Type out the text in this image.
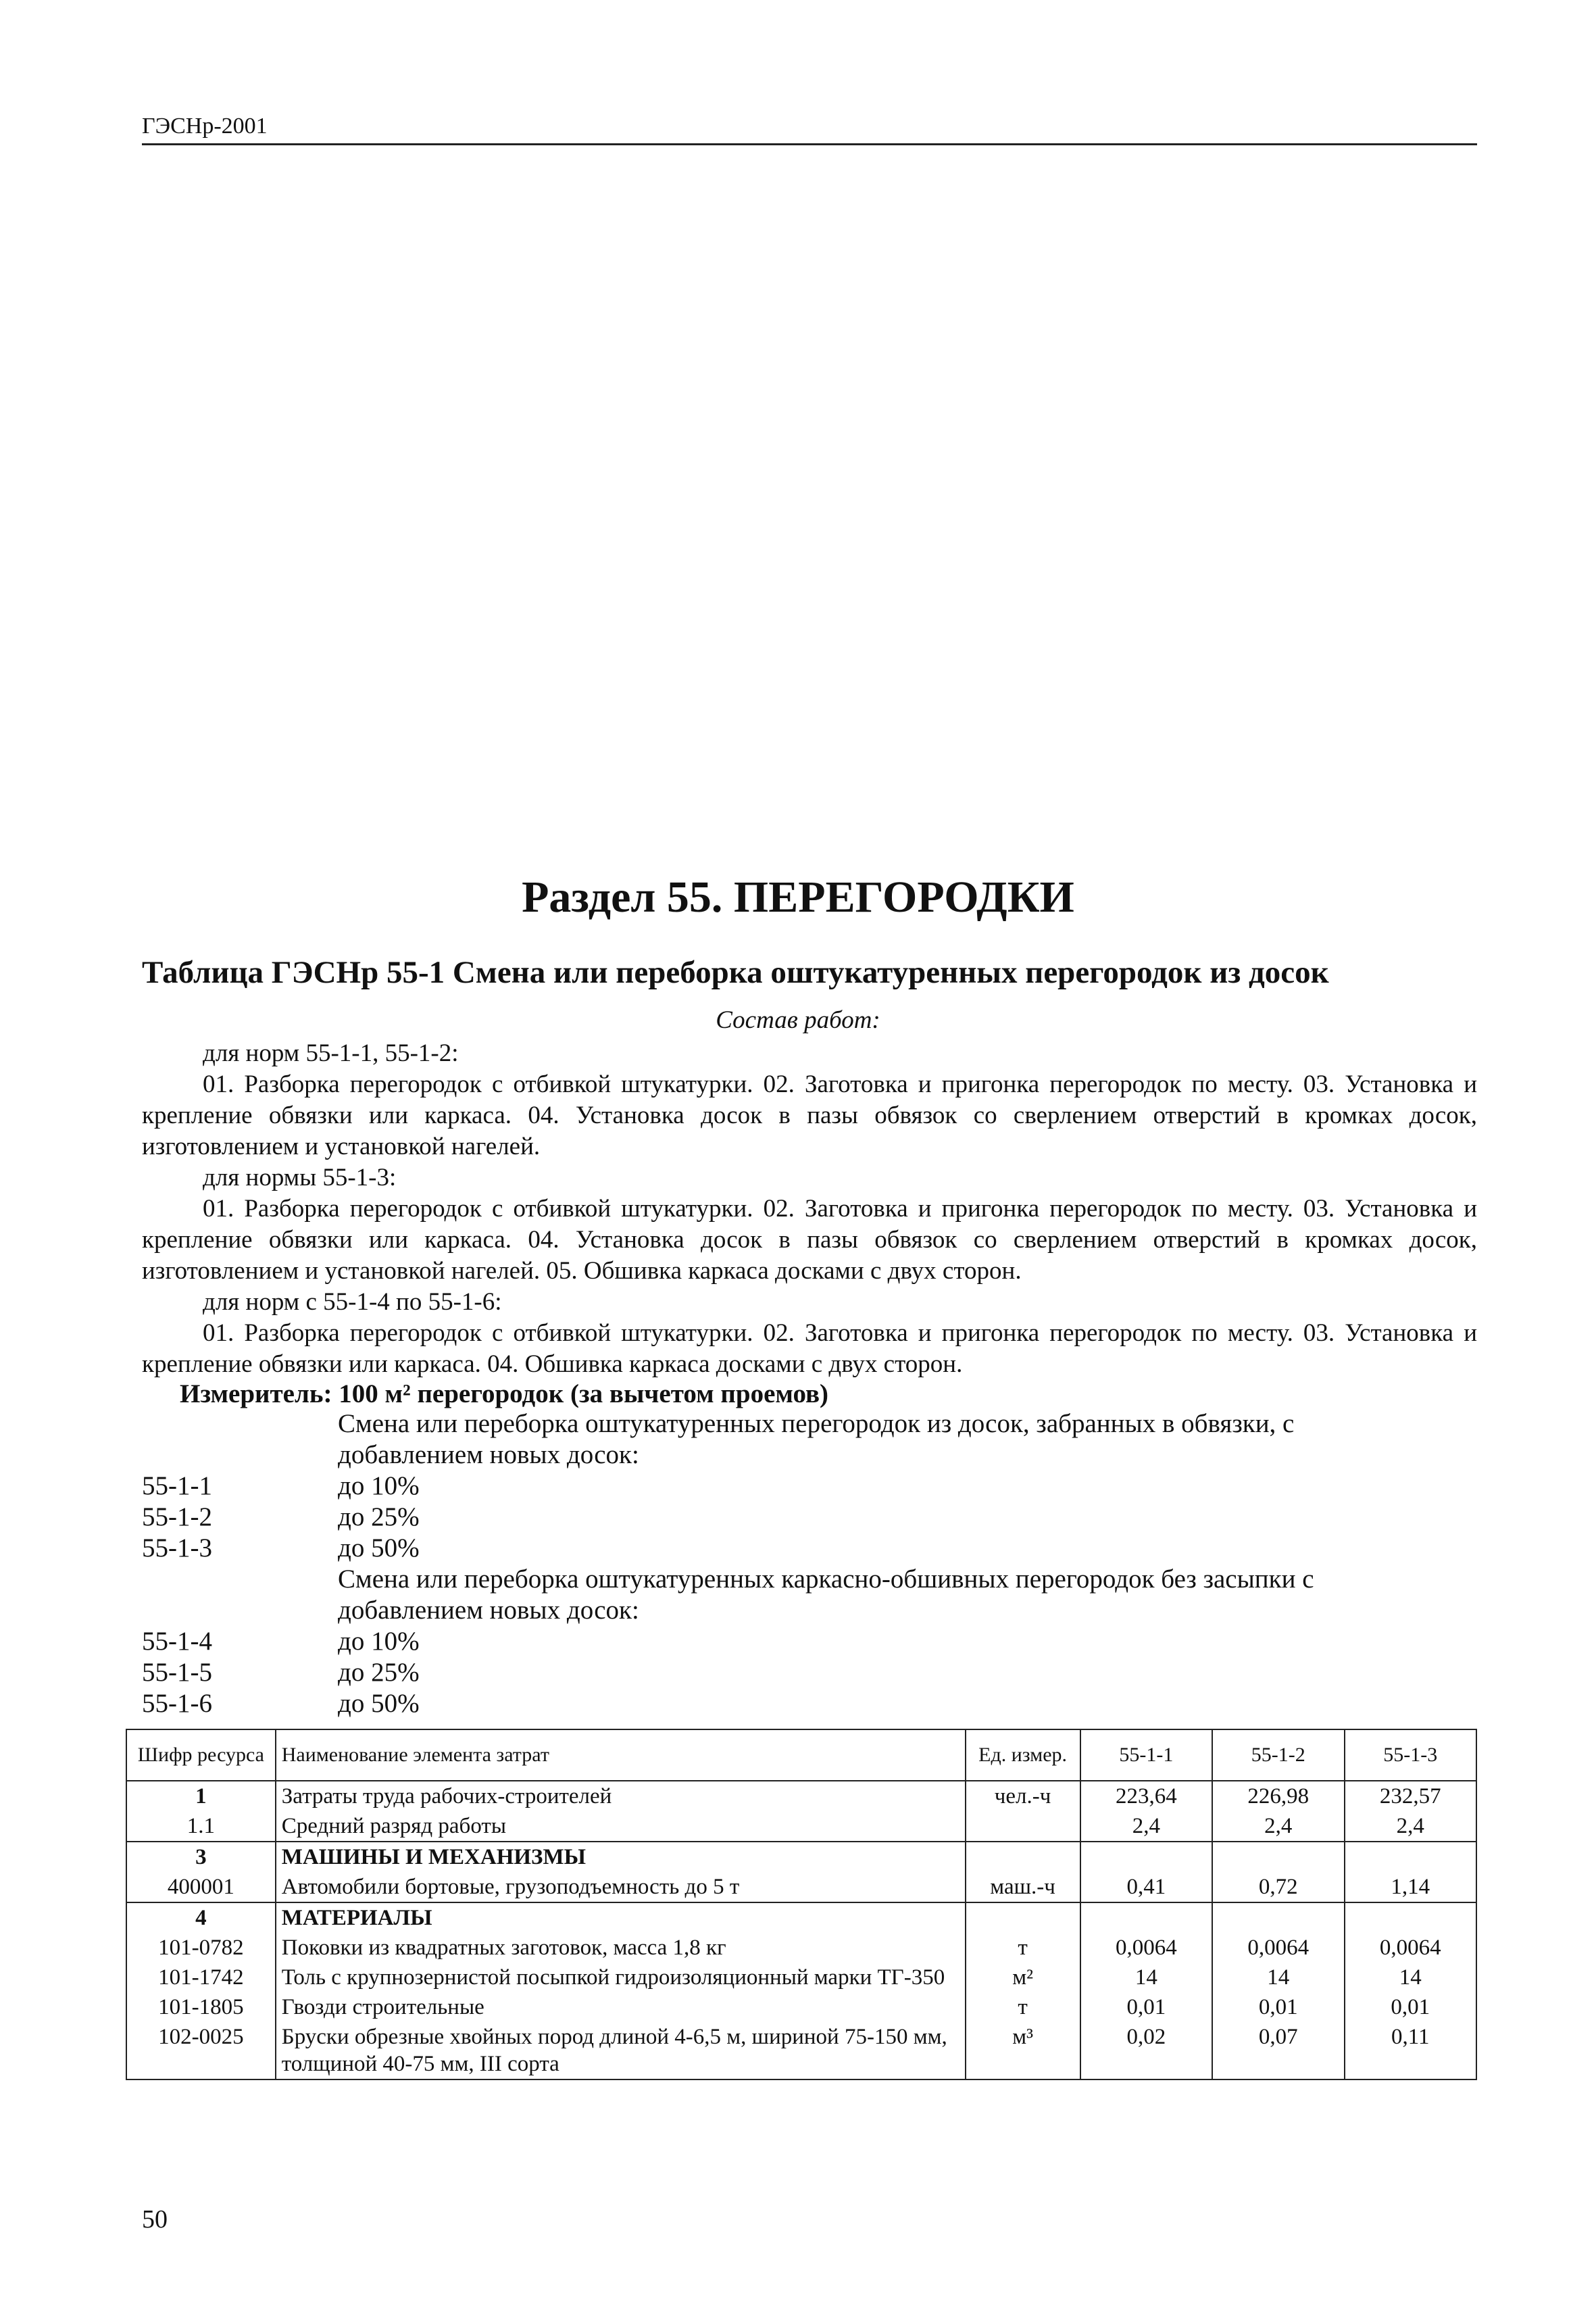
ГЭСНр-2001
Раздел 55. ПЕРЕГОРОДКИ
Таблица ГЭСНр 55-1 Смена или переборка оштукатуренных перегородок из досок
Состав работ:
для норм 55-1-1, 55-1-2:

01. Разборка перегородок с отбивкой штукатурки. 02. Заготовка и пригонка перегородок по месту. 03. Установка и крепление обвязки или каркаса. 04. Установка досок в пазы обвязок со сверлением отверстий в кромках досок, изготовлением и установкой нагелей.

для нормы 55-1-3:

01. Разборка перегородок с отбивкой штукатурки. 02. Заготовка и пригонка перегородок по месту. 03. Установка и крепление обвязки или каркаса. 04. Установка досок в пазы обвязок со сверлением отверстий в кромках досок, изготовлением и установкой нагелей. 05. Обшивка каркаса досками с двух сторон.

для норм с 55-1-4 по 55-1-6:

01. Разборка перегородок с отбивкой штукатурки. 02. Заготовка и пригонка перегородок по месту. 03. Установка и крепление обвязки или каркаса. 04. Обшивка каркаса досками с двух сторон.

Измеритель: 100 м² перегородок (за вычетом проемов)
Смена или переборка оштукатуренных перегородок из досок, забранных в обвязки, с добавлением новых досок:
55-1-1	до 10%
55-1-2	до 25%
55-1-3	до 50%
Смена или переборка оштукатуренных каркасно-обшивных перегородок без засыпки с добавлением новых досок:
55-1-4	до 10%
55-1-5	до 25%
55-1-6	до 50%
Шифр ресурса	Наименование элемента затрат	Ед. измер.	55-1-1	55-1-2	55-1-3
1	Затраты труда рабочих-строителей	чел.-ч	223,64	226,98	232,57
1.1	Средний разряд работы		2,4	2,4	2,4
3	МАШИНЫ И МЕХАНИЗМЫ				
400001	Автомобили бортовые, грузоподъемность до 5 т	маш.-ч	0,41	0,72	1,14
4	МАТЕРИАЛЫ				
101-0782	Поковки из квадратных заготовок, масса 1,8 кг	т	0,0064	0,0064	0,0064
101-1742	Толь с крупнозернистой посыпкой гидроизоляционный марки ТГ-350	м²	14	14	14
101-1805	Гвозди строительные	т	0,01	0,01	0,01
102-0025	Бруски обрезные хвойных пород длиной 4-6,5 м, шириной 75-150 мм, толщиной 40-75 мм, III сорта	м³	0,02	0,07	0,11
50
